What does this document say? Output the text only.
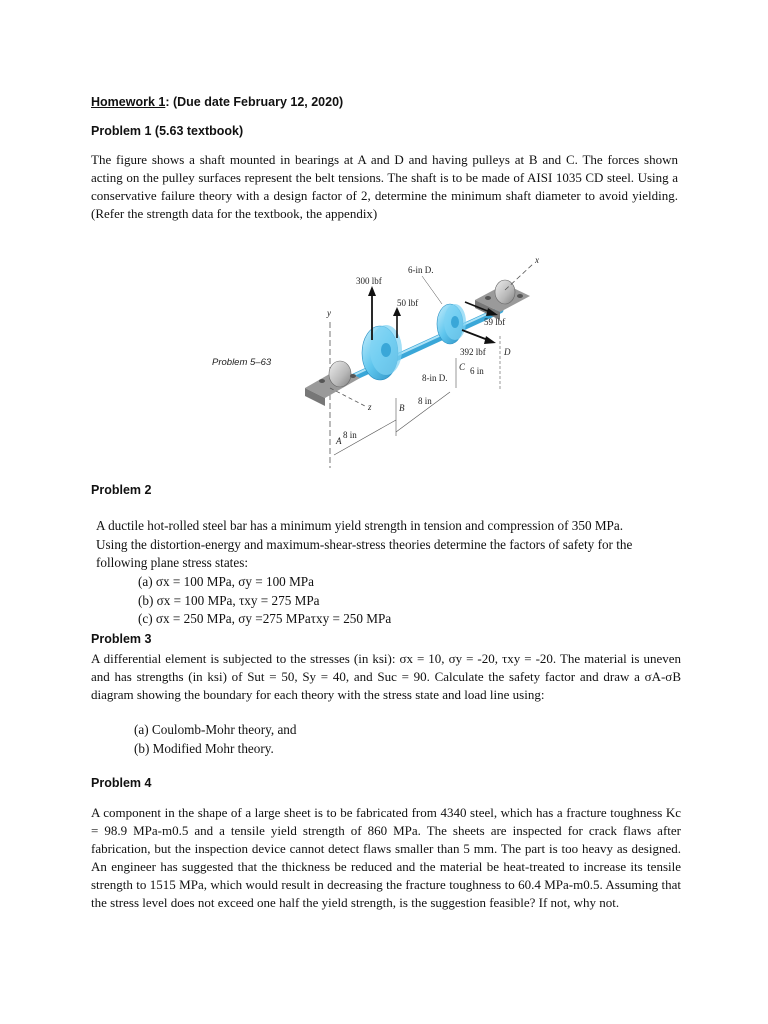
Homework 1: (Due date February 12, 2020)
Problem 1 (5.63 textbook)

The figure shows a shaft mounted in bearings at A and D and having pulleys at B and C. The forces shown acting on the pulley surfaces represent the belt tensions. The shaft is to be made of AISI 1035 CD steel. Using a conservative failure theory with a design factor of 2, determine the minimum shaft diameter to avoid yielding. (Refer the strength data for the textbook, the appendix)

y
x
z
300 lbf
50 lbf
6-in D.
59 lbf
392 lbf D
C 6 in
8-in D.
8 in
B
8 in
A
Problem 5–63
Problem 2

A ductile hot-rolled steel bar has a minimum yield strength in tension and compression of 350 MPa. Using the distortion-energy and maximum-shear-stress theories determine the factors of safety for the following plane stress states:

(a) σx = 100 MPa, σy = 100 MPa
(b) σx = 100 MPa, τxy = 275 MPa
(c) σx = 250 MPa, σy =275 MPaτxy = 250 MPa
Problem 3

A differential element is subjected to the stresses (in ksi): σx = 10, σy = -20, τxy = -20. The material is uneven and has strengths (in ksi) of Sut = 50, Sy = 40, and Suc = 90. Calculate the safety factor and draw a σA-σB diagram showing the boundary for each theory with the stress state and load line using:

(a) Coulomb-Mohr theory, and
(b) Modified Mohr theory.
Problem 4

A component in the shape of a large sheet is to be fabricated from 4340 steel, which has a fracture toughness Kc = 98.9 MPa-m0.5 and a tensile yield strength of 860 MPa. The sheets are inspected for crack flaws after fabrication, but the inspection device cannot detect flaws smaller than 5 mm. The part is too heavy as designed. An engineer has suggested that the thickness be reduced and the material be heat-treated to increase its tensile strength to 1515 MPa, which would result in decreasing the fracture toughness to 60.4 MPa-m0.5. Assuming that the stress level does not exceed one half the yield strength, is the suggestion feasible? If not, why not.
